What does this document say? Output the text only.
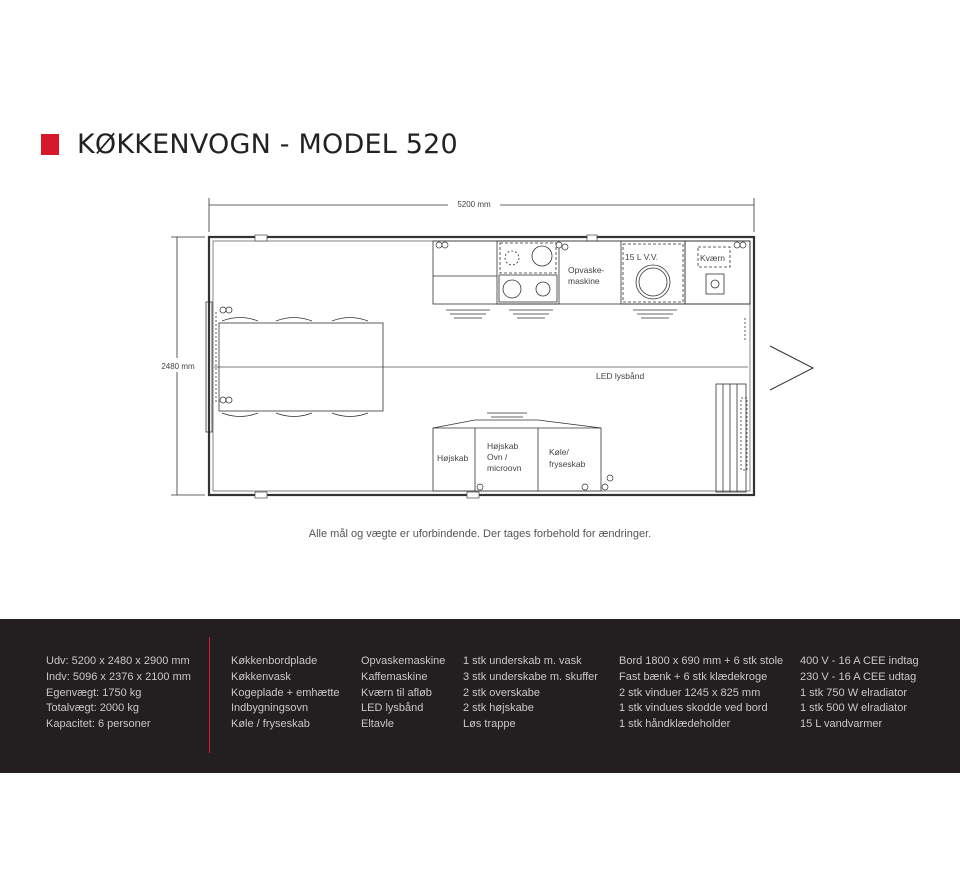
KØKKENVOGN - MODEL 520
5200 mm
2480 mm
LED lysbånd
Opvaske-
maskine
15 L V.V.	Kværn
Højskab
Højskab
Ovn /
microovn
Køle/
fryseskab
Alle mål og vægte er uforbindende. Der tages forbehold for ændringer.
Udv: 5200 x 2480 x 2900 mm
Indv: 5096 x 2376 x 2100 mm
Egenvægt: 1750 kg
Totalvægt: 2000 kg
Kapacitet: 6 personer
Køkkenbordplade
Køkkenvask
Kogeplade + emhætte
Indbygningsovn
Køle / fryseskab
Opvaskemaskine
Kaffemaskine
Kværn til afløb
LED lysbånd
Eltavle
1 stk underskab m. vask
3 stk underskabe m. skuffer
2 stk overskabe
2 stk højskabe
Løs trappe
Bord 1800 x 690 mm + 6 stk stole
Fast bænk + 6 stk klædekroge
2 stk vinduer 1245 x 825 mm
1 stk vindues skodde ved bord
1 stk håndklædeholder
400 V - 16 A CEE indtag
230 V - 16 A CEE udtag
1 stk 750 W elradiator
1 stk 500 W elradiator
15 L vandvarmer
